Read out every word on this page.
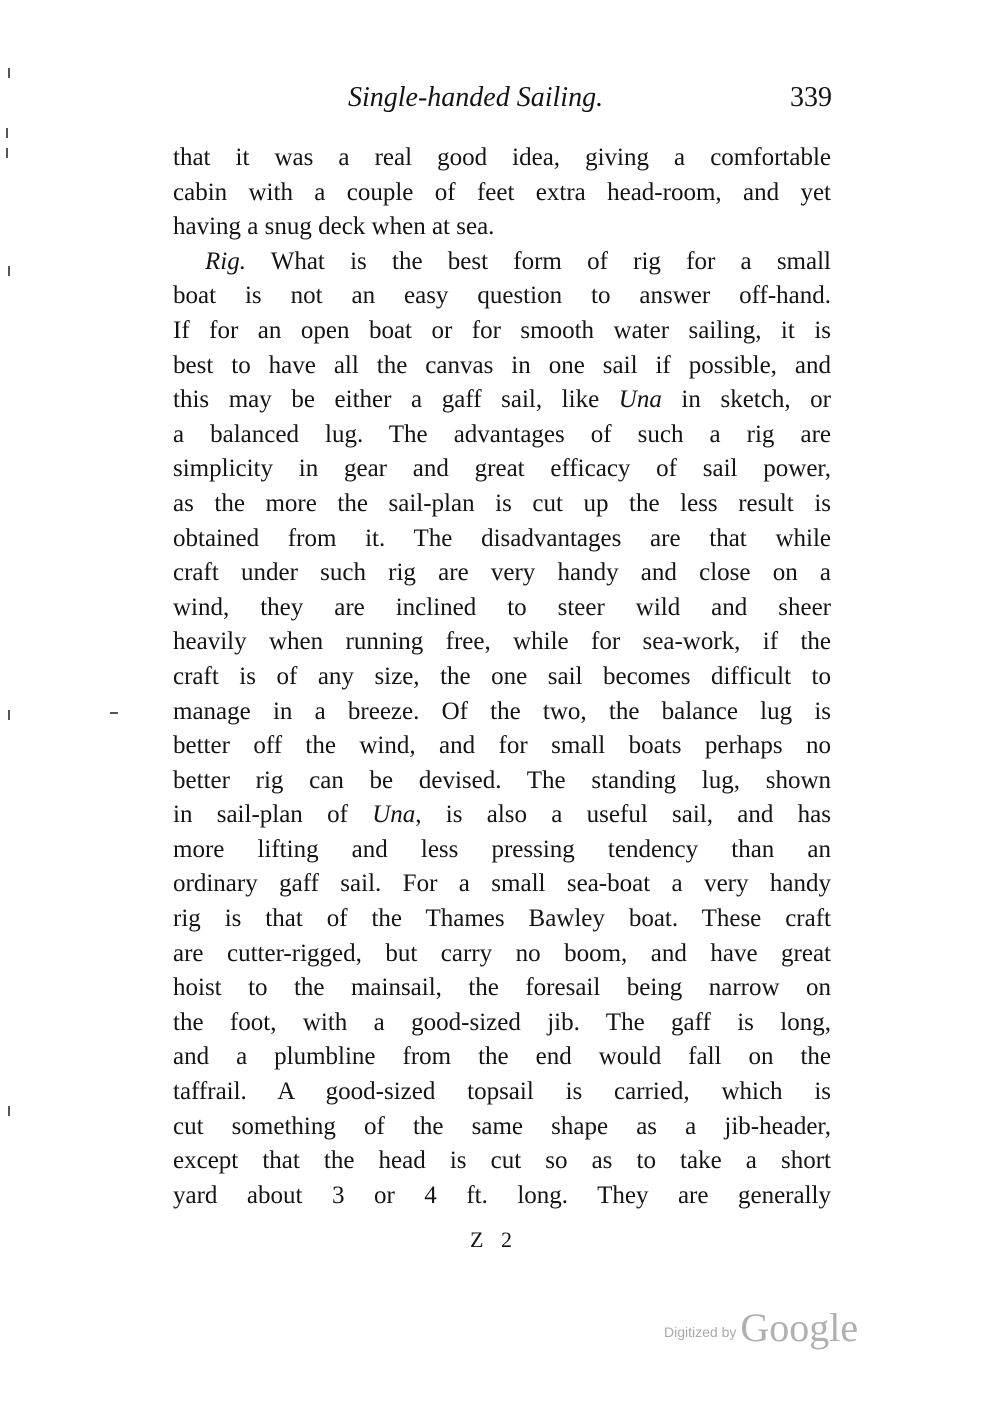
Single-handed Sailing.	339
that it was a real good idea, giving a comfortable
cabin with a couple of feet extra head-room, and yet
having a snug deck when at sea.
Rig. What is the best form of rig for a small
boat is not an easy question to answer off-hand.
If for an open boat or for smooth water sailing, it is
best to have all the canvas in one sail if possible, and
this may be either a gaff sail, like Una in sketch, or
a balanced lug. The advantages of such a rig are
simplicity in gear and great efficacy of sail power,
as the more the sail-plan is cut up the less result is
obtained from it. The disadvantages are that while
craft under such rig are very handy and close on a
wind, they are inclined to steer wild and sheer
heavily when running free, while for sea-work, if the
craft is of any size, the one sail becomes difficult to
manage in a breeze. Of the two, the balance lug is
better off the wind, and for small boats perhaps no
better rig can be devised. The standing lug, shown
in sail-plan of Una, is also a useful sail, and has
more lifting and less pressing tendency than an
ordinary gaff sail. For a small sea-boat a very handy
rig is that of the Thames Bawley boat. These craft
are cutter-rigged, but carry no boom, and have great
hoist to the mainsail, the foresail being narrow on
the foot, with a good-sized jib. The gaff is long,
and a plumbline from the end would fall on the
taffrail. A good-sized topsail is carried, which is
cut something of the same shape as a jib-header,
except that the head is cut so as to take a short
yard about 3 or 4 ft. long. They are generally
Z 2
Digitized by Google
